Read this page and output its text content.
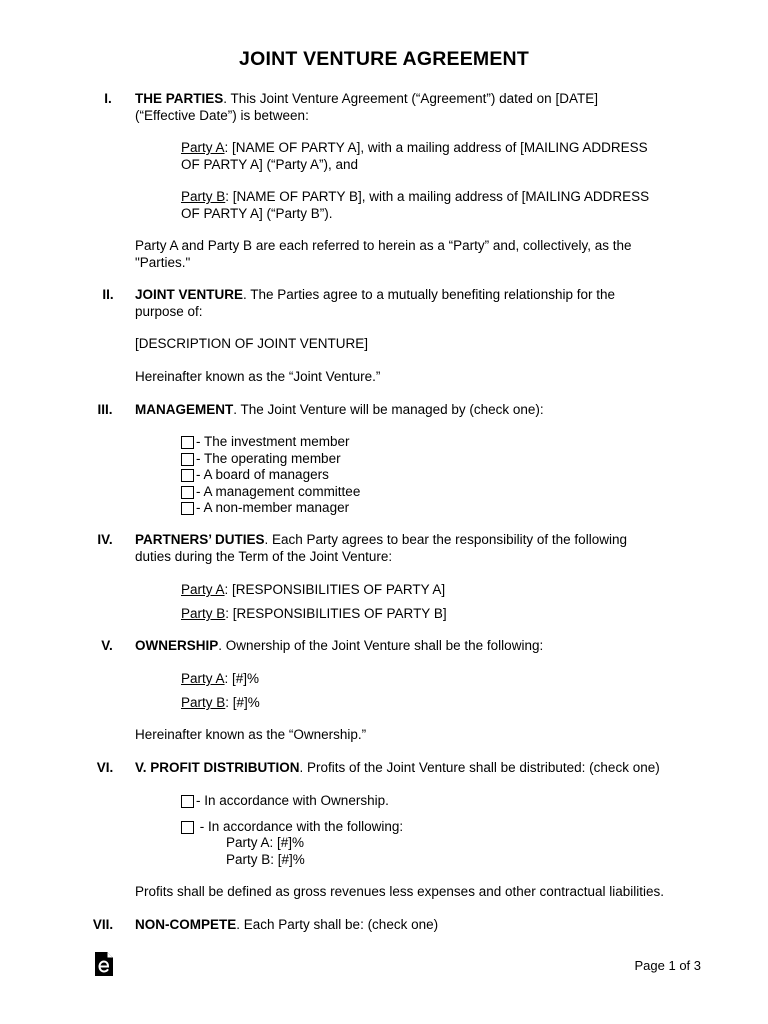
JOINT VENTURE AGREEMENT
I.	THE PARTIES. This Joint Venture Agreement (“Agreement”) dated on [DATE]
(“Effective Date”) is between:
Party A: [NAME OF PARTY A], with a mailing address of [MAILING ADDRESS
OF PARTY A] (“Party A”), and
Party B: [NAME OF PARTY B], with a mailing address of [MAILING ADDRESS
OF PARTY A] (“Party B”).
Party A and Party B are each referred to herein as a “Party” and, collectively, as the
"Parties."
II.	JOINT VENTURE. The Parties agree to a mutually benefiting relationship for the
purpose of:
[DESCRIPTION OF JOINT VENTURE]
Hereinafter known as the “Joint Venture.”
III.	MANAGEMENT. The Joint Venture will be managed by (check one):
- The investment member
- The operating member
- A board of managers
- A management committee
- A non-member manager
IV.	PARTNERS’ DUTIES. Each Party agrees to bear the responsibility of the following
duties during the Term of the Joint Venture:
Party A: [RESPONSIBILITIES OF PARTY A]
Party B: [RESPONSIBILITIES OF PARTY B]
V.	OWNERSHIP. Ownership of the Joint Venture shall be the following:
Party A: [#]%
Party B: [#]%
Hereinafter known as the “Ownership.”
VI.	V. PROFIT DISTRIBUTION. Profits of the Joint Venture shall be distributed: (check one)
- In accordance with Ownership.
- In accordance with the following:
Party A: [#]%
Party B: [#]%
Profits shall be defined as gross revenues less expenses and other contractual liabilities.
VII.	NON-COMPETE. Each Party shall be: (check one)
Page 1 of 3
